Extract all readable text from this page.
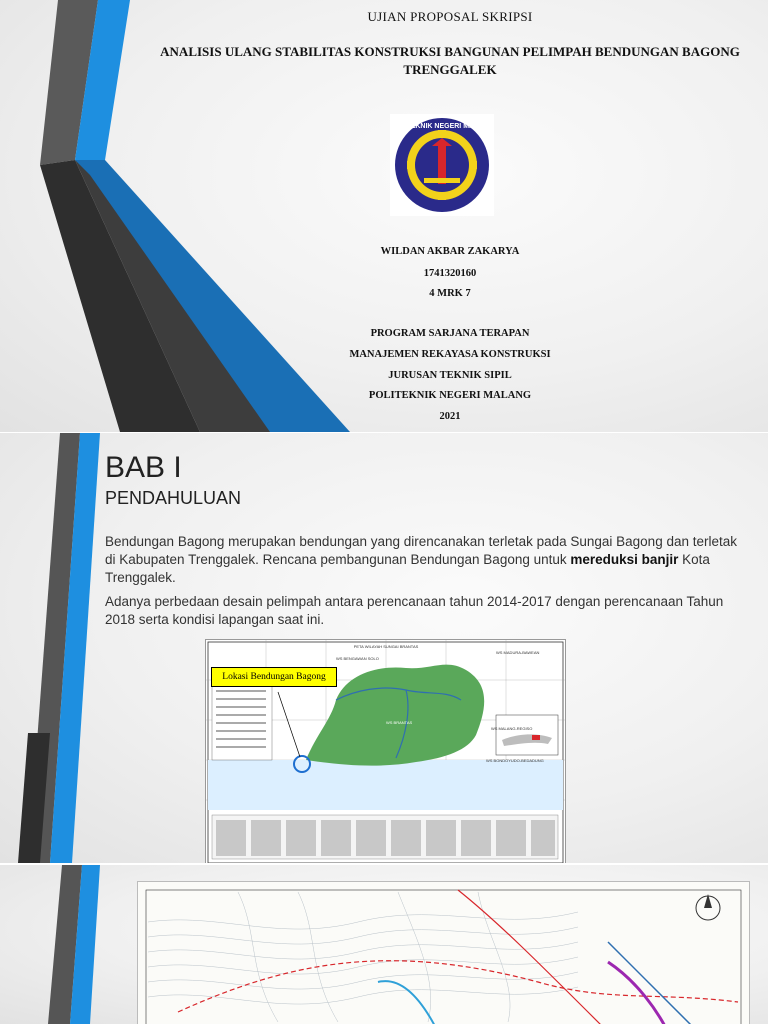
UJIAN PROPOSAL SKRIPSI
ANALISIS ULANG STABILITAS KONSTRUKSI BANGUNAN PELIMPAH BENDUNGAN BAGONG TRENGGALEK
POLITEKNIK NEGERI MALANG
WILDAN AKBAR ZAKARYA
1741320160
4 MRK 7
PROGRAM SARJANA TERAPAN
MANAJEMEN REKAYASA KONSTRUKSI
JURUSAN TEKNIK SIPIL
POLITEKNIK NEGERI MALANG
2021
BAB I
PENDAHULUAN

Bendungan Bagong merupakan bendungan yang direncanakan terletak pada Sungai Bagong dan terletak di Kabupaten Trenggalek. Rencana pembangunan Bendungan Bagong untuk mereduksi banjir Kota Trenggalek.

Adanya perbedaan desain pelimpah antara perencanaan tahun 2014-2017 dengan perencanaan Tahun 2018 serta kondisi lapangan saat ini.

PETA WILAYAH SUNGAI BRANTAS
WS BENGAWAN SOLO
WS MADURA-BAWEAN
WS MALANG-REGISO
WS BONDOYUDO-BEDADUNG
WS BRANTAS
Lokasi Bendungan Bagong
